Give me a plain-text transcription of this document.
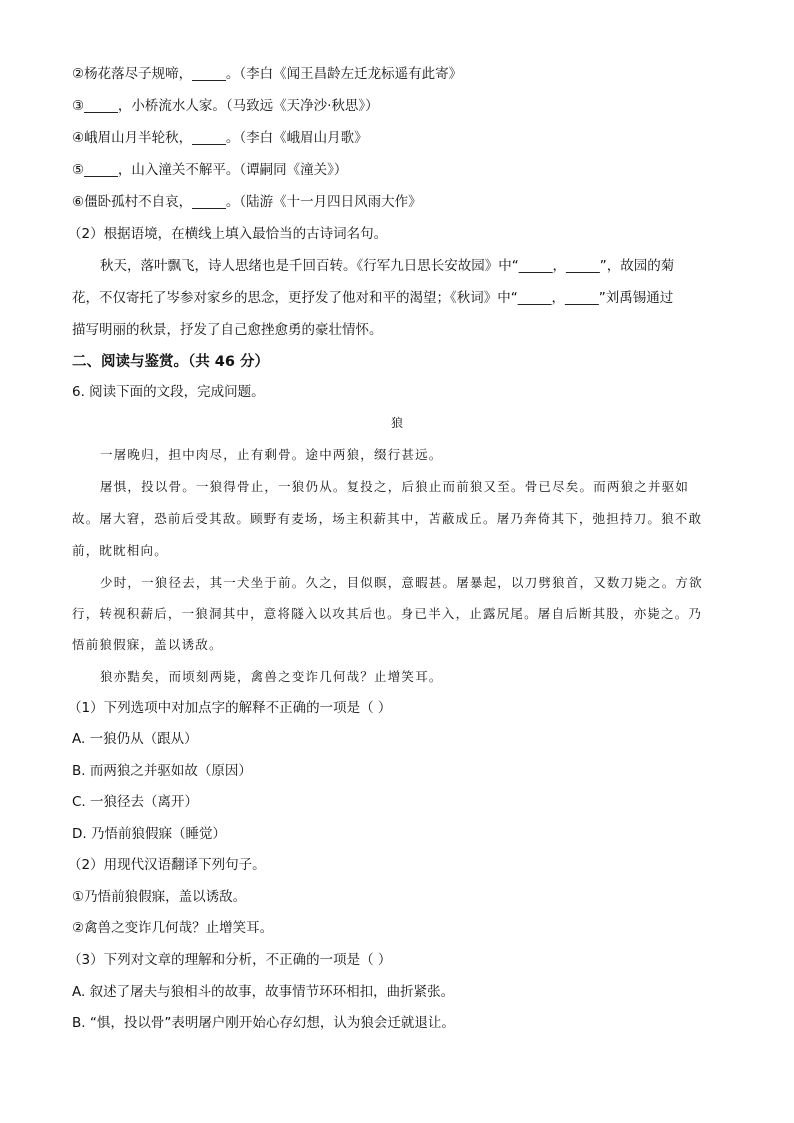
②杨花落尽子规啼，_____。（李白《闻王昌龄左迁龙标遥有此寄》
③_____，小桥流水人家。（马致远《天净沙·秋思》）
④峨眉山月半轮秋，_____。（李白《峨眉山月歌》
⑤_____，山入潼关不解平。（谭嗣同《潼关》）
⑥僵卧孤村不自哀，_____。（陆游《十一月四日风雨大作》
（2）根据语境，在横线上填入最恰当的古诗词名句。
秋天，落叶飘飞，诗人思绪也是千回百转。《行军九日思长安故园》中“_____，_____”，故园的菊
花，不仅寄托了岑参对家乡的思念，更抒发了他对和平的渴望；《秋词》中“_____，_____”刘禹锡通过
描写明丽的秋景，抒发了自己愈挫愈勇的豪壮情怀。
二、阅读与鉴赏。（共 46 分）
6. 阅读下面的文段，完成问题。
狼
一屠晚归，担中肉尽，止有剩骨。途中两狼，缀行甚远。
屠惧，投以骨。一狼得骨止，一狼仍从。复投之，后狼止而前狼又至。骨已尽矣。而两狼之并驱如
故。屠大窘，恐前后受其敌。顾野有麦场，场主积薪其中，苫蔽成丘。屠乃奔倚其下，弛担持刀。狼不敢
前，眈眈相向。
少时，一狼径去，其一犬坐于前。久之，目似瞑，意暇甚。屠暴起，以刀劈狼首，又数刀毙之。方欲
行，转视积薪后，一狼洞其中，意将隧入以攻其后也。身已半入，止露尻尾。屠自后断其股，亦毙之。乃
悟前狼假寐，盖以诱敌。
狼亦黠矣，而顷刻两毙，禽兽之变诈几何哉？止增笑耳。
（1）下列选项中对加点字的解释不正确的一项是（ ）
A. 一狼仍从（跟从）
B. 而两狼之并驱如故（原因）
C. 一狼径去（离开）
D. 乃悟前狼假寐（睡觉）
（2）用现代汉语翻译下列句子。
①乃悟前狼假寐，盖以诱敌。
②禽兽之变诈几何哉？止增笑耳。
（3）下列对文章的理解和分析，不正确的一项是（ ）
A. 叙述了屠夫与狼相斗的故事，故事情节环环相扣，曲折紧张。
B. “惧，投以骨”表明屠户刚开始心存幻想，认为狼会迁就退让。
